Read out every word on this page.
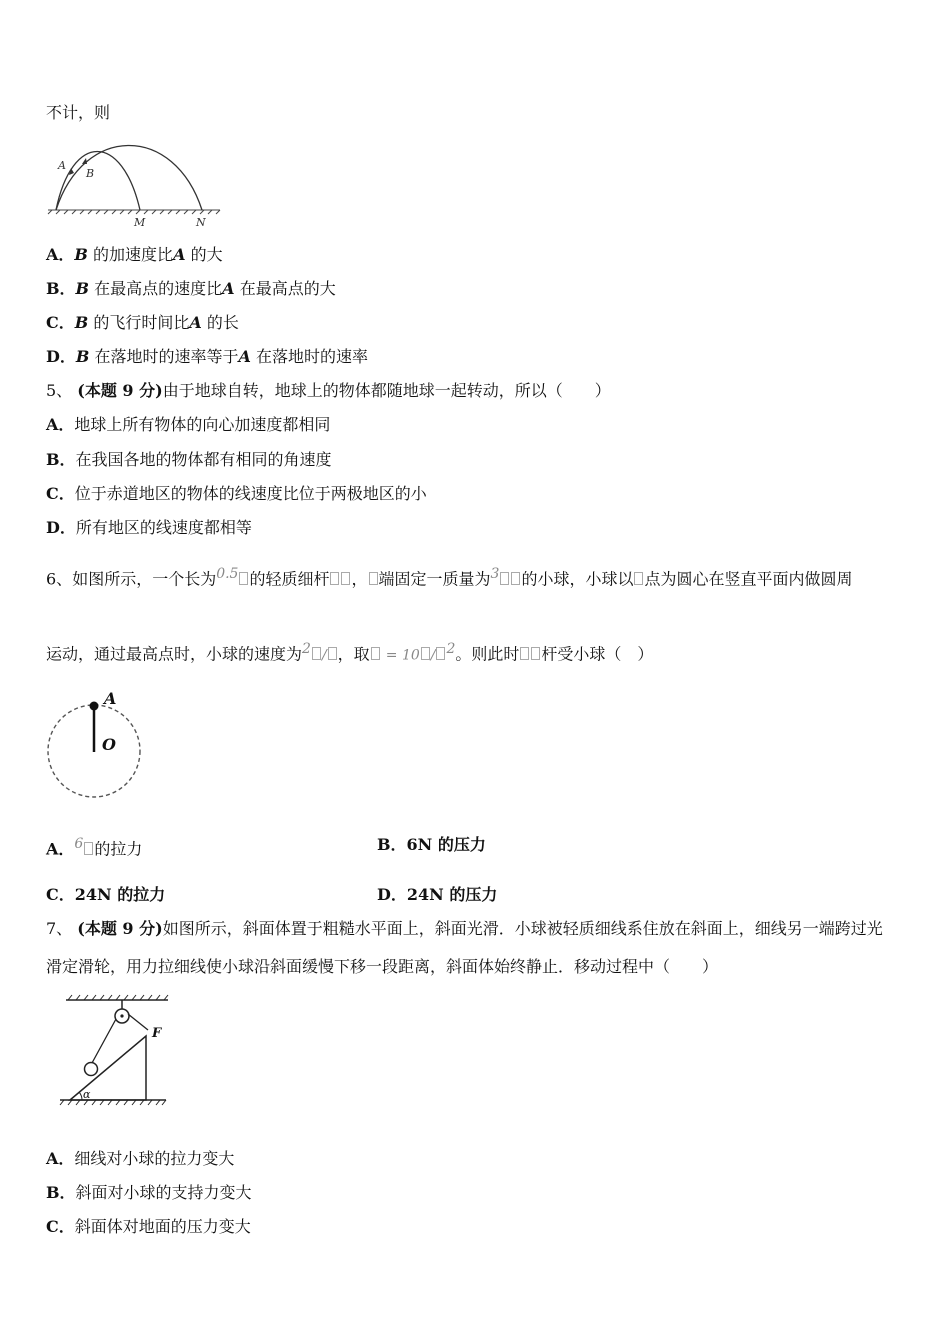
不计，则
A
B
M	N
A．B 的加速度比A 的大
B．B 在最高点的速度比A 在最高点的大
C．B 的飞行时间比A 的长
D．B 在落地时的速率等于A 在落地时的速率
5、 (本题 9 分)由于地球自转，地球上的物体都随地球一起转动，所以（　　）
A．地球上所有物体的向心加速度都相同
B．在我国各地的物体都有相同的角速度
C．位于赤道地区的物体的线速度比位于两极地区的小
D．所有地区的线速度都相等
6、如图所示，一个长为$^{0.5}$ 的轻质细杆 ， 端固定一质量为$^3$ 的小球，小球以 点为圆心在竖直平面内做圆周
运动，通过最高点时，小球的速度为$^2$ / ，取 = 10 / $^2$。则此时 杆受小球（　）
A
O
A．$^6$ 的拉力	B．6N 的压力
C．24N 的拉力	D．24N 的压力
7、 (本题 9 分)如图所示，斜面体置于粗糙水平面上，斜面光滑．小球被轻质细线系住放在斜面上，细线另一端跨过光
滑定滑轮，用力拉细线使小球沿斜面缓慢下移一段距离，斜面体始终静止．移动过程中（　　）
α
F
A．细线对小球的拉力变大
B．斜面对小球的支持力变大
C．斜面体对地面的压力变大
